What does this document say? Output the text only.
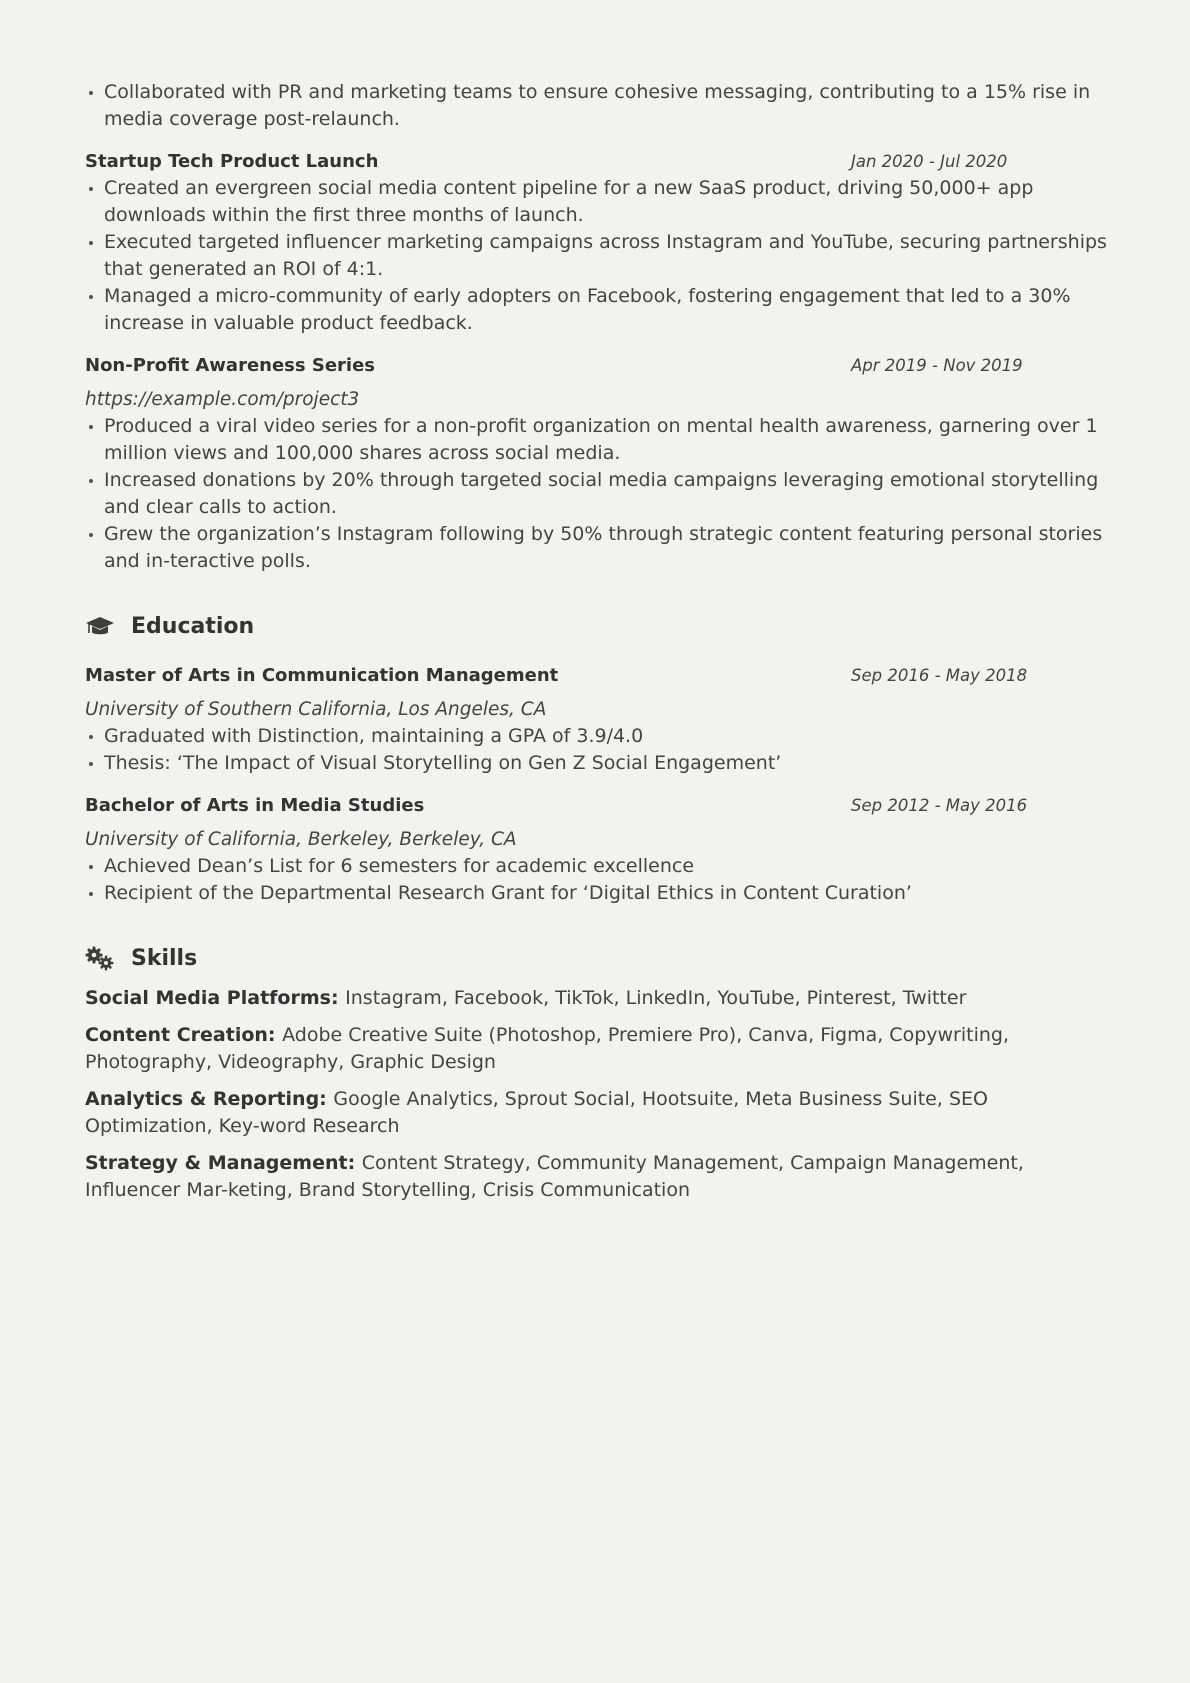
Collaborated with PR and marketing teams to ensure cohesive messaging, contributing to a 15% rise in media coverage post-relaunch.
Startup Tech Product Launch	Jan 2020 - Jul 2020
Created an evergreen social media content pipeline for a new SaaS product, driving 50,000+ app downloads within the first three months of launch.
Executed targeted influencer marketing campaigns across Instagram and YouTube, securing partnerships that generated an ROI of 4:1.
Managed a micro-community of early adopters on Facebook, fostering engagement that led to a 30% increase in valuable product feedback.
Non-Profit Awareness Series	Apr 2019 - Nov 2019
https://example.com/project3
Produced a viral video series for a non-profit organization on mental health awareness, garnering over 1 million views and 100,000 shares across social media.
Increased donations by 20% through targeted social media campaigns leveraging emotional storytelling and clear calls to action.
Grew the organization’s Instagram following by 50% through strategic content featuring personal stories and in-teractive polls.
Education
Master of Arts in Communication Management	Sep 2016 - May 2018
University of Southern California, Los Angeles, CA
Graduated with Distinction, maintaining a GPA of 3.9/4.0
Thesis: ‘The Impact of Visual Storytelling on Gen Z Social Engagement’
Bachelor of Arts in Media Studies	Sep 2012 - May 2016
University of California, Berkeley, Berkeley, CA
Achieved Dean’s List for 6 semesters for academic excellence
Recipient of the Departmental Research Grant for ‘Digital Ethics in Content Curation’
Skills
Social Media Platforms: Instagram, Facebook, TikTok, LinkedIn, YouTube, Pinterest, Twitter
Content Creation: Adobe Creative Suite (Photoshop, Premiere Pro), Canva, Figma, Copywriting, Photography, Videography, Graphic Design
Analytics & Reporting: Google Analytics, Sprout Social, Hootsuite, Meta Business Suite, SEO Optimization, Key-word Research
Strategy & Management: Content Strategy, Community Management, Campaign Management, Influencer Mar-keting, Brand Storytelling, Crisis Communication
